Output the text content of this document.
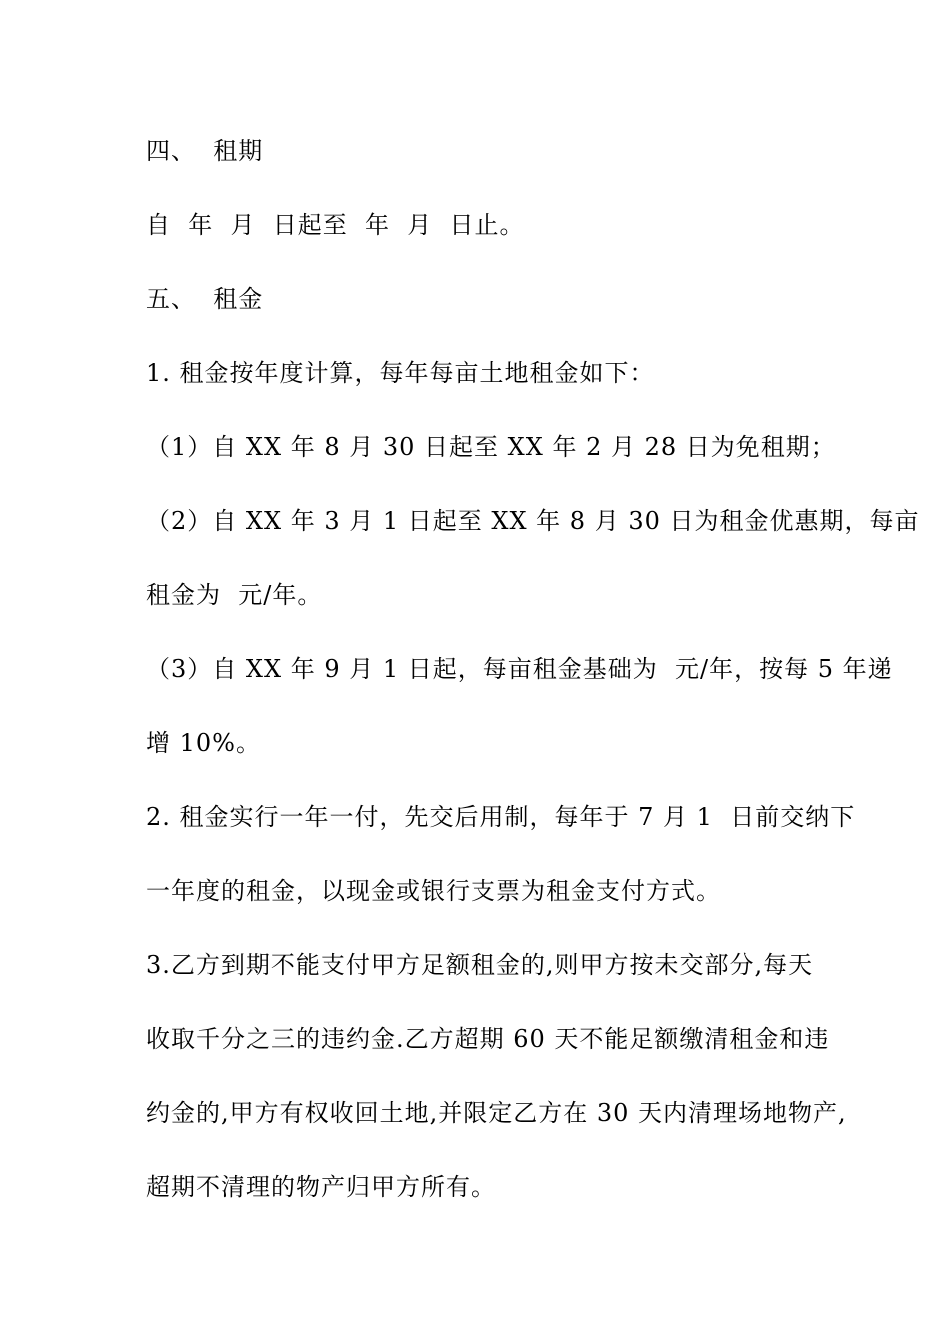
四、  租期
自  年  月  日起至  年  月  日止。
五、  租金
1. 租金按年度计算，每年每亩土地租金如下：
（1）自 XX 年 8 月 30 日起至 XX 年 2 月 28 日为免租期；
（2）自 XX 年 3 月 1 日起至 XX 年 8 月 30 日为租金优惠期，每亩
租金为  元/年。
（3）自 XX 年 9 月 1 日起，每亩租金基础为  元/年，按每 5 年递
增 10%。
2. 租金实行一年一付，先交后用制，每年于 7 月 1  日前交纳下
一年度的租金，以现金或银行支票为租金支付方式。
3.乙方到期不能支付甲方足额租金的,则甲方按未交部分,每天
收取千分之三的违约金.乙方超期 60 天不能足额缴清租金和违
约金的,甲方有权收回土地,并限定乙方在 30 天内清理场地物产,
超期不清理的物产归甲方所有。
